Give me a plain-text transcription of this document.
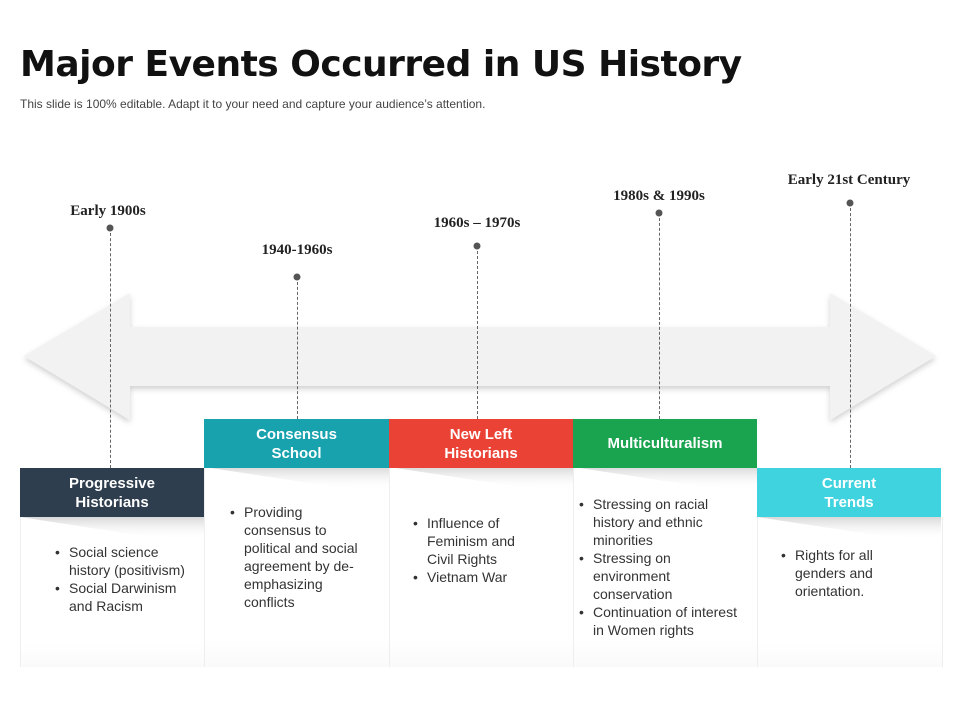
Major Events Occurred in US History
This slide is 100% editable. Adapt it to your need and capture your audience’s attention.
Early 1900s
1940-1960s
1960s – 1970s
1980s & 1990s
Early 21st Century
Progressive
Historians
Consensus
School
New Left
Historians
Multiculturalism
Current
Trends
• Social science history (positivism)
• Social Darwinism and Racism
• Providing consensus to political and social agreement by de-emphasizing conflicts
• Influence of Feminism and Civil Rights
• Vietnam War
• Stressing on racial history and ethnic minorities
• Stressing on environment conservation
• Continuation of interest in Women rights
• Rights for all genders and orientation.
